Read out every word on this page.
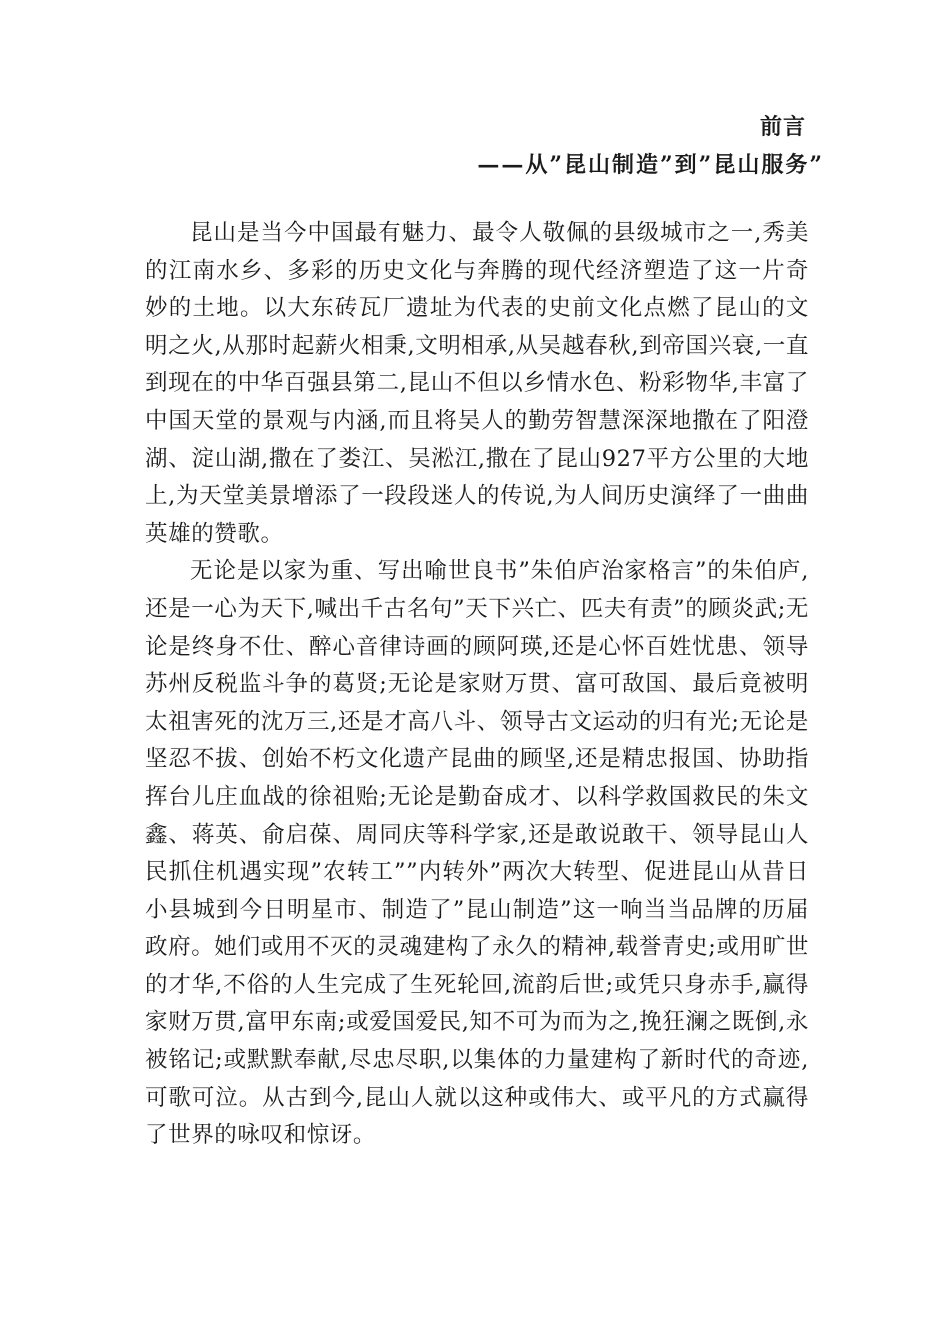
前言
——从”昆山制造”到”昆山服务”

昆山是当今中国最有魅力、最令人敬佩的县级城市之一,秀美的江南水乡、多彩的历史文化与奔腾的现代经济塑造了这一片奇妙的土地。以大东砖瓦厂遗址为代表的史前文化点燃了昆山的文明之火,从那时起薪火相秉,文明相承,从吴越春秋,到帝国兴衰,一直到现在的中华百强县第二,昆山不但以乡情水色、粉彩物华,丰富了中国天堂的景观与内涵,而且将吴人的勤劳智慧深深地撒在了阳澄湖、淀山湖,撒在了娄江、吴淞江,撒在了昆山927平方公里的大地上,为天堂美景增添了一段段迷人的传说,为人间历史演绎了一曲曲英雄的赞歌。

无论是以家为重、写出喻世良书”朱伯庐治家格言”的朱伯庐,还是一心为天下,喊出千古名句”天下兴亡、匹夫有责”的顾炎武;无论是终身不仕、醉心音律诗画的顾阿瑛,还是心怀百姓忧患、领导苏州反税监斗争的葛贤;无论是家财万贯、富可敌国、最后竟被明太祖害死的沈万三,还是才高八斗、领导古文运动的归有光;无论是坚忍不拔、创始不朽文化遗产昆曲的顾坚,还是精忠报国、协助指挥台儿庄血战的徐祖贻;无论是勤奋成才、以科学救国救民的朱文鑫、蒋英、俞启葆、周同庆等科学家,还是敢说敢干、领导昆山人民抓住机遇实现”农转工””内转外”两次大转型、促进昆山从昔日小县城到今日明星市、制造了”昆山制造”这一响当当品牌的历届政府。她们或用不灭的灵魂建构了永久的精神,载誉青史;或用旷世的才华,不俗的人生完成了生死轮回,流韵后世;或凭只身赤手,赢得家财万贯,富甲东南;或爱国爱民,知不可为而为之,挽狂澜之既倒,永被铭记;或默默奉献,尽忠尽职,以集体的力量建构了新时代的奇迹,可歌可泣。从古到今,昆山人就以这种或伟大、或平凡的方式赢得了世界的咏叹和惊讶。
